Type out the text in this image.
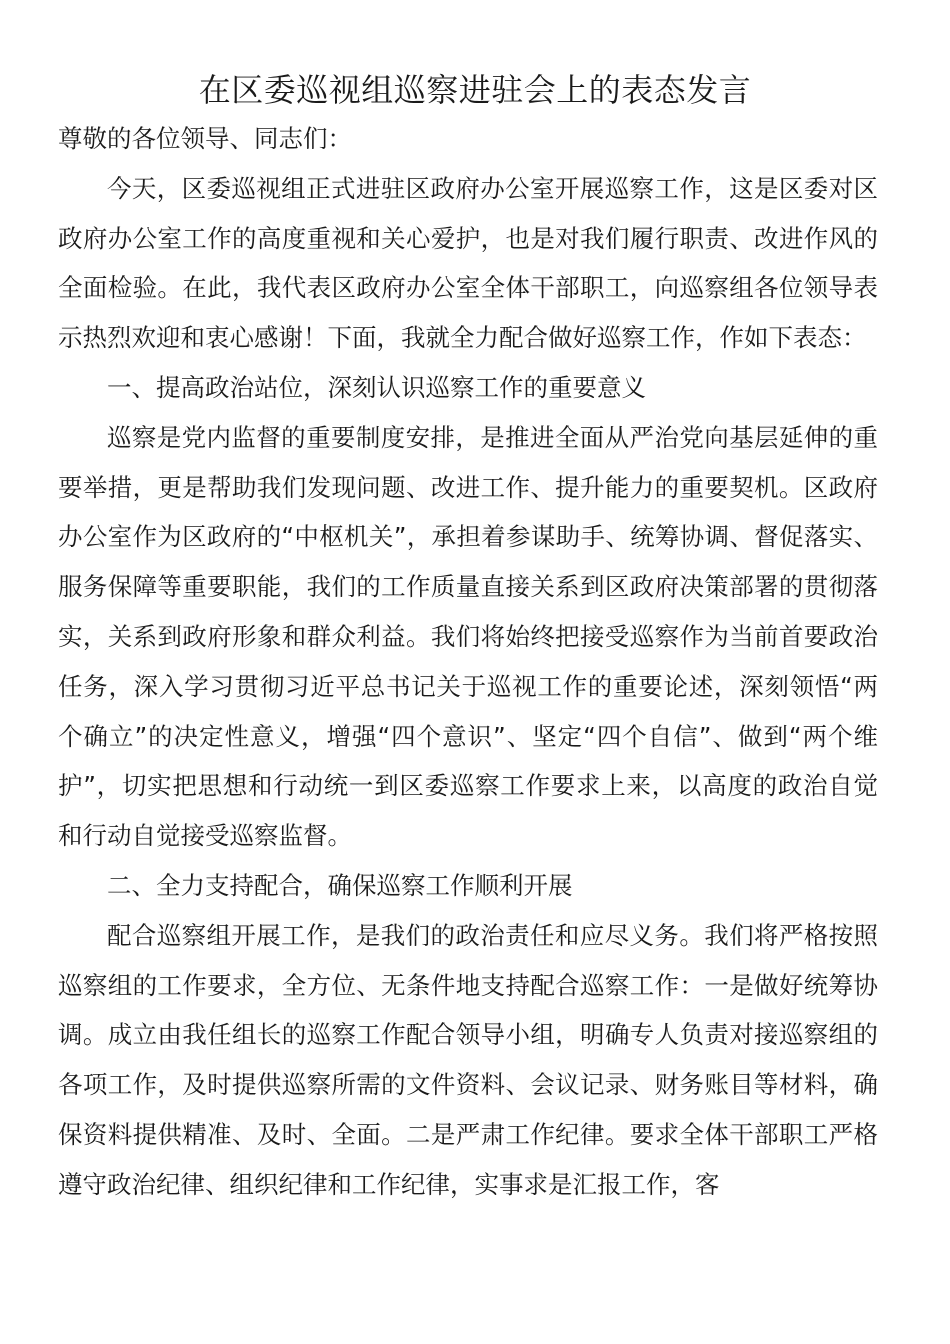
在区委巡视组巡察进驻会上的表态发言

尊敬的各位领导、同志们：

今天，区委巡视组正式进驻区政府办公室开展巡察工作，这是区委对区政府办公室工作的高度重视和关心爱护，也是对我们履行职责、改进作风的全面检验。在此，我代表区政府办公室全体干部职工，向巡察组各位领导表示热烈欢迎和衷心感谢！下面，我就全力配合做好巡察工作，作如下表态：

一、提高政治站位，深刻认识巡察工作的重要意义

巡察是党内监督的重要制度安排，是推进全面从严治党向基层延伸的重要举措，更是帮助我们发现问题、改进工作、提升能力的重要契机。区政府办公室作为区政府的“中枢机关”，承担着参谋助手、统筹协调、督促落实、服务保障等重要职能，我们的工作质量直接关系到区政府决策部署的贯彻落实，关系到政府形象和群众利益。我们将始终把接受巡察作为当前首要政治任务，深入学习贯彻习近平总书记关于巡视工作的重要论述，深刻领悟“两个确立”的决定性意义，增强“四个意识”、坚定“四个自信”、做到“两个维护”，切实把思想和行动统一到区委巡察工作要求上来，以高度的政治自觉和行动自觉接受巡察监督。

二、全力支持配合，确保巡察工作顺利开展

配合巡察组开展工作，是我们的政治责任和应尽义务。我们将严格按照巡察组的工作要求，全方位、无条件地支持配合巡察工作：一是做好统筹协调。成立由我任组长的巡察工作配合领导小组，明确专人负责对接巡察组的各项工作，及时提供巡察所需的文件资料、会议记录、财务账目等材料，确保资料提供精准、及时、全面。二是严肃工作纪律。要求全体干部职工严格遵守政治纪律、组织纪律和工作纪律，实事求是汇报工作，客
